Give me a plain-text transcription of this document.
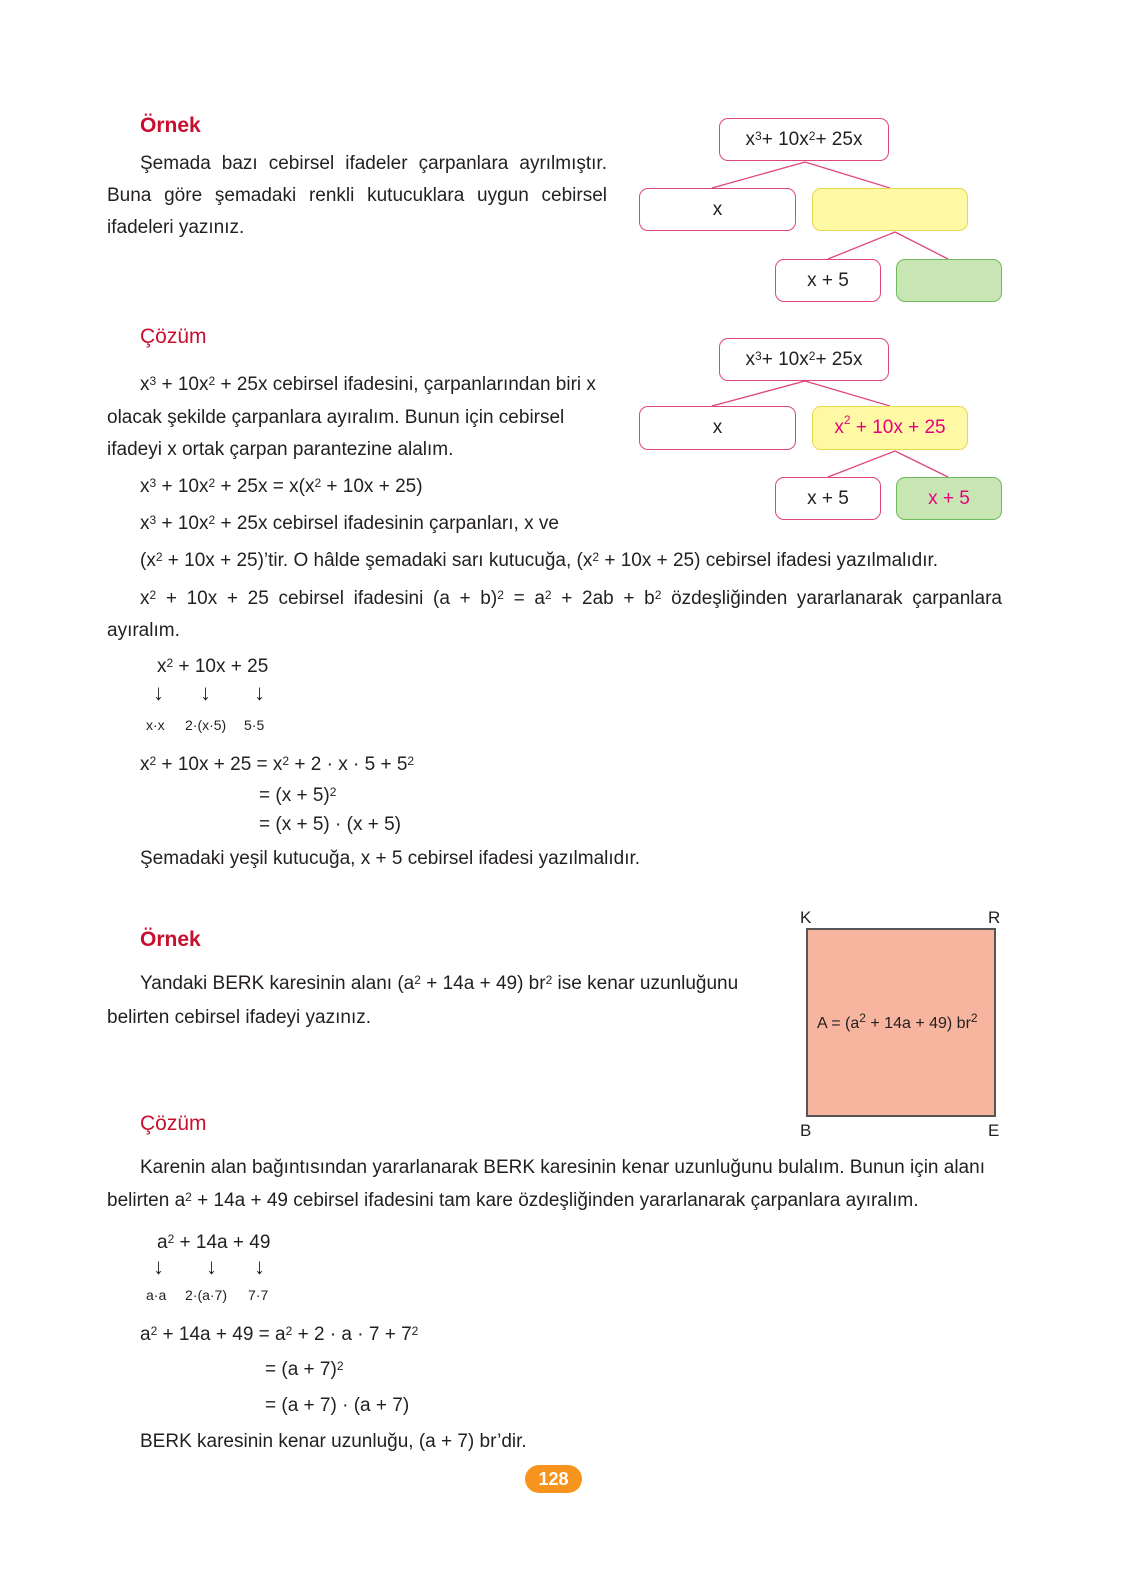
Örnek

Şemada bazı cebirsel ifadeler çarpanlara ayrılmıştır. Buna göre şemadaki renkli kutucuklara uygun cebirsel ifadeleri yazınız.

$x^3 + 10x^2 + 25x$
x
x + 5
Çözüm
$x^3 + 10x^2 + 25x$ cebirsel ifadesini, çarpanlarından biri x
olacak şekilde çarpanlara ayıralım. Bunun için cebirsel
ifadeyi x ortak çarpan parantezine alalım.
$x^3 + 10x^2 + 25x = x(x^2 + 10x + 25)$
$x^3 + 10x^2 + 25x$ cebirsel ifadesinin çarpanları, x ve
($x^2 + 10x$ + 25)’tir. O hâlde şemadaki sarı kutucuğa, $(x^2 + 10x + 25)$ cebirsel ifadesi yazılmalıdır.
$x^2 + 10x + 25$ cebirsel ifadesini $(a + b)^2 = a^2 + 2ab + b^2$ özdeşliğinden yararlanarak çarpanlara
ayıralım.
$x^2 + 10x + 25$
↓ ↓ ↓
x·x 2·(x·5) 5·5
$x^2 + 10x + 25 = x^2 + 2 \cdot x \cdot 5 + 5^2$
= $(x + 5)^2$
= (x + 5) · (x + 5)
Şemadaki yeşil kutucuğa, x + 5 cebirsel ifadesi yazılmalıdır.
$x^3 + 10x^2 + 25x$
x	$x^2 + 10x + 25$
x + 5	x + 5
Örnek
Yandaki BERK karesinin alanı $(a^2 + 14a + 49)$ $br^2$ ise kenar uzunluğunu
belirten cebirsel ifadeyi yazınız.
K	R
$A = (a^2 + 14a + 49)$ $br^2$
B	E
Çözüm
Karenin alan bağıntısından yararlanarak BERK karesinin kenar uzunluğunu bulalım. Bunun için alanı
belirten $a^2 + 14a + 49$ cebirsel ifadesini tam kare özdeşliğinden yararlanarak çarpanlara ayıralım.
$a^2 + 14a + 49$
↓ ↓ ↓
a·a 2·(a·7) 7·7
$a^2 + 14a + 49 = a^2 + 2 \cdot a \cdot 7 + 7^2$
= $(a + 7)^2$
= (a + 7) · (a + 7)
BERK karesinin kenar uzunluğu, (a + 7) br’dir.
128
